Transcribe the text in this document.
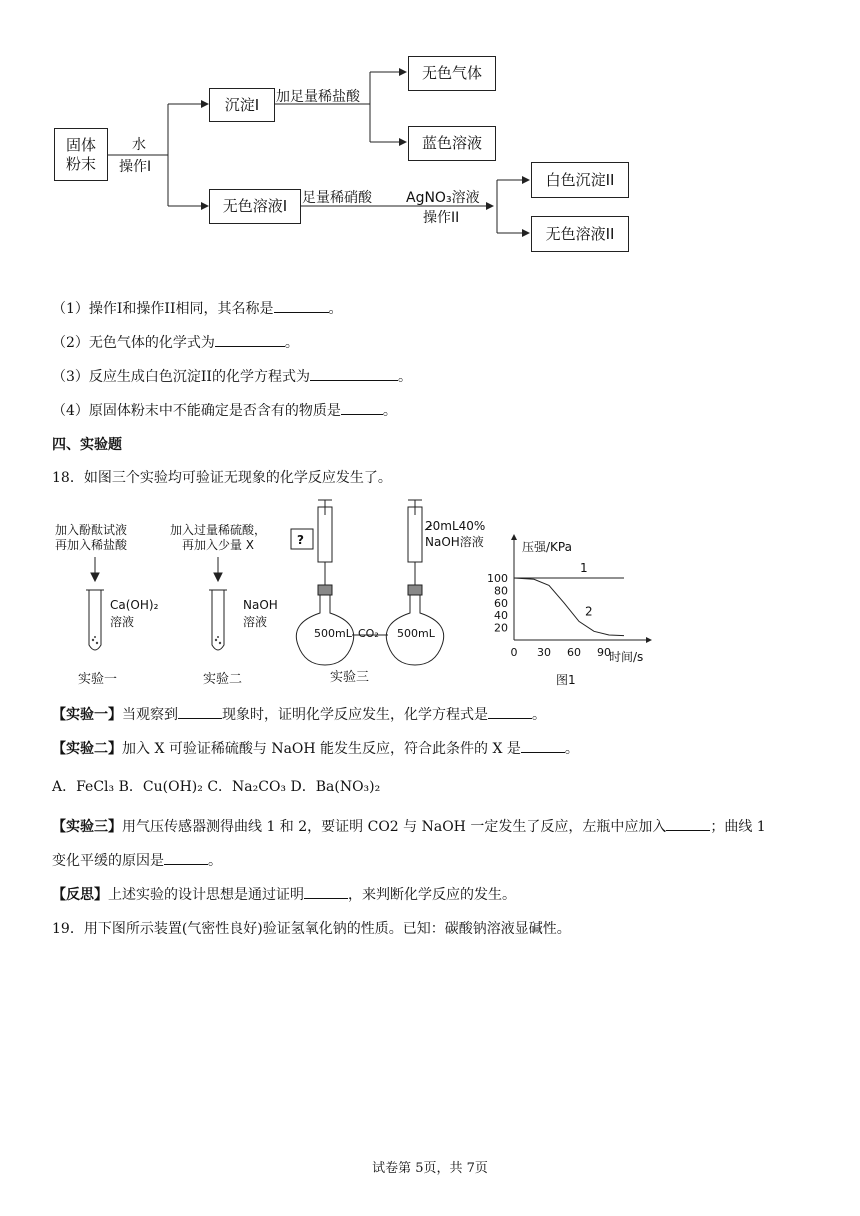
固体
粉末
水
操作I
沉淀I	加足量稀盐酸
无色气体
蓝色溶液
无色溶液I	足量稀硝酸 AgNO₃溶液
操作II
白色沉淀II
无色溶液II
（1）操作I和操作II相同，其名称是	。
（2）无色气体的化学式为	。
（3）反应生成白色沉淀II的化学方程式为	。
（4）原固体粉末中不能确定是否含有的物质是	。
四、实验题
18．如图三个实验均可验证无现象的化学反应发生了。
加入酚酞试液
再加入稀盐酸
Ca(OH)₂
溶液
实验一
加入过量稀硫酸，
再加入少量 X
NaOH
溶液
实验二
?
20mL40%
NaOH溶液
500mL CO₂ 500mL
实验三
0 30 60 90
20
40
60
80
100
1
2
压强/KPa
时间/s
图1
【实验一】当观察到	现象时，证明化学反应发生，化学方程式是	。
【实验二】加入 X 可验证稀硫酸与 NaOH 能发生反应，符合此条件的 X 是	。
A．FeCl₃ B．Cu(OH)₂ C．Na₂CO₃ D．Ba(NO₃)₂
【实验三】用气压传感器测得曲线 1 和 2，要证明 CO2 与 NaOH 一定发生了反应，左瓶中应加入	；曲线 1
变化平缓的原因是	。
【反思】上述实验的设计思想是通过证明	，来判断化学反应的发生。
19．用下图所示装置(气密性良好)验证氢氧化钠的性质。已知：碳酸钠溶液显碱性。
试卷第 5页，共 7页
